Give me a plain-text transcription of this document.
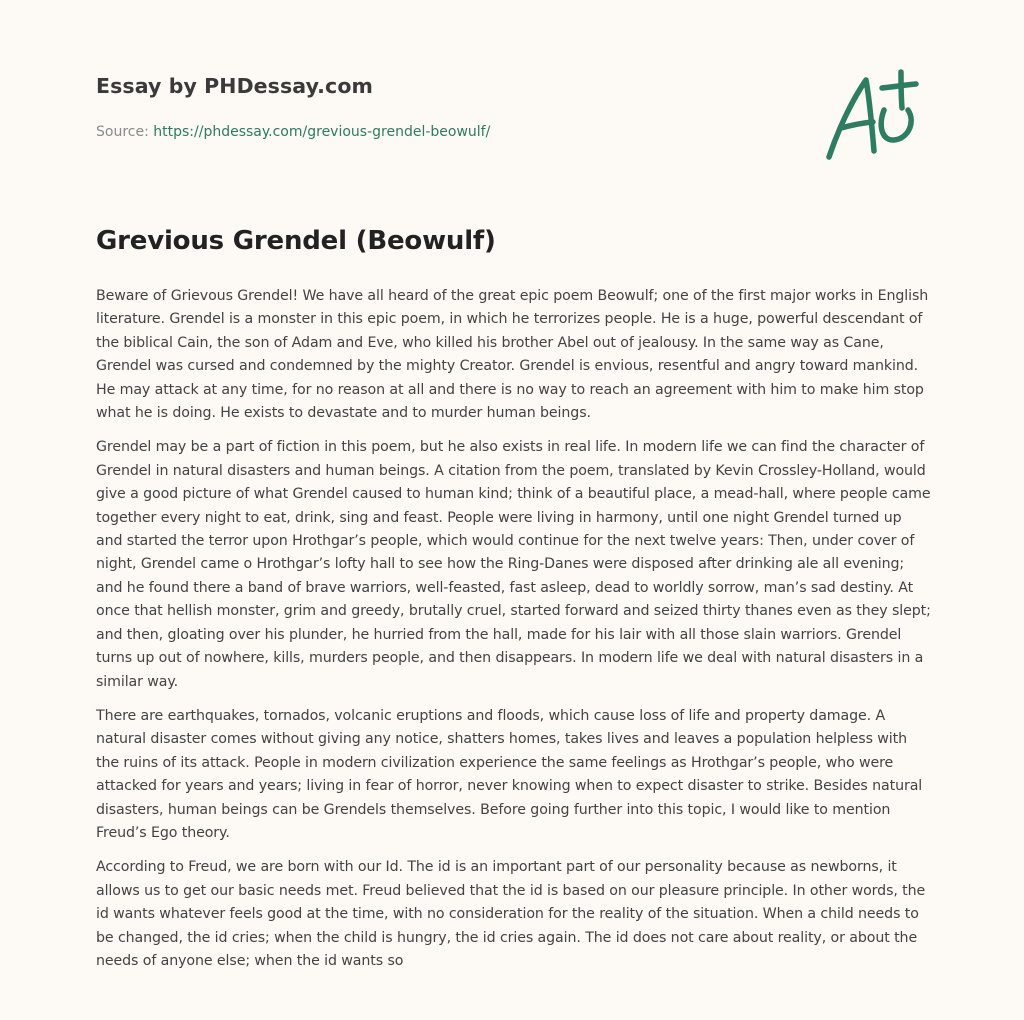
Essay by PHDessay.com
Source: https://phdessay.com/grevious-grendel-beowulf/
Grevious Grendel (Beowulf)

Beware of Grievous Grendel! We have all heard of the great epic poem Beowulf; one of the first major works in English literature. Grendel is a monster in this epic poem, in which he terrorizes people. He is a huge, powerful descendant of the biblical Cain, the son of Adam and Eve, who killed his brother Abel out of jealousy. In the same way as Cane, Grendel was cursed and condemned by the mighty Creator. Grendel is envious, resentful and angry toward mankind. He may attack at any time, for no reason at all and there is no way to reach an agreement with him to make him stop what he is doing. He exists to devastate and to murder human beings.

Grendel may be a part of fiction in this poem, but he also exists in real life. In modern life we can find the character of Grendel in natural disasters and human beings. A citation from the poem, translated by Kevin Crossley-Holland, would give a good picture of what Grendel caused to human kind; think of a beautiful place, a mead-hall, where people came together every night to eat, drink, sing and feast. People were living in harmony, until one night Grendel turned up and started the terror upon Hrothgar’s people, which would continue for the next twelve years: Then, under cover of night, Grendel came o Hrothgar’s lofty hall to see how the Ring-Danes were disposed after drinking ale all evening; and he found there a band of brave warriors, well-feasted, fast asleep, dead to worldly sorrow, man’s sad destiny. At once that hellish monster, grim and greedy, brutally cruel, started forward and seized thirty thanes even as they slept; and then, gloating over his plunder, he hurried from the hall, made for his lair with all those slain warriors. Grendel turns up out of nowhere, kills, murders people, and then disappears. In modern life we deal with natural disasters in a similar way.

There are earthquakes, tornados, volcanic eruptions and floods, which cause loss of life and property damage. A natural disaster comes without giving any notice, shatters homes, takes lives and leaves a population helpless with the ruins of its attack. People in modern civilization experience the same feelings as Hrothgar’s people, who were attacked for years and years; living in fear of horror, never knowing when to expect disaster to strike. Besides natural disasters, human beings can be Grendels themselves. Before going further into this topic, I would like to mention Freud’s Ego theory.

According to Freud, we are born with our Id. The id is an important part of our personality because as newborns, it allows us to get our basic needs met. Freud believed that the id is based on our pleasure principle. In other words, the id wants whatever feels good at the time, with no consideration for the reality of the situation. When a child needs to be changed, the id cries; when the child is hungry, the id cries again. The id does not care about reality, or about the needs of anyone else; when the id wants so
